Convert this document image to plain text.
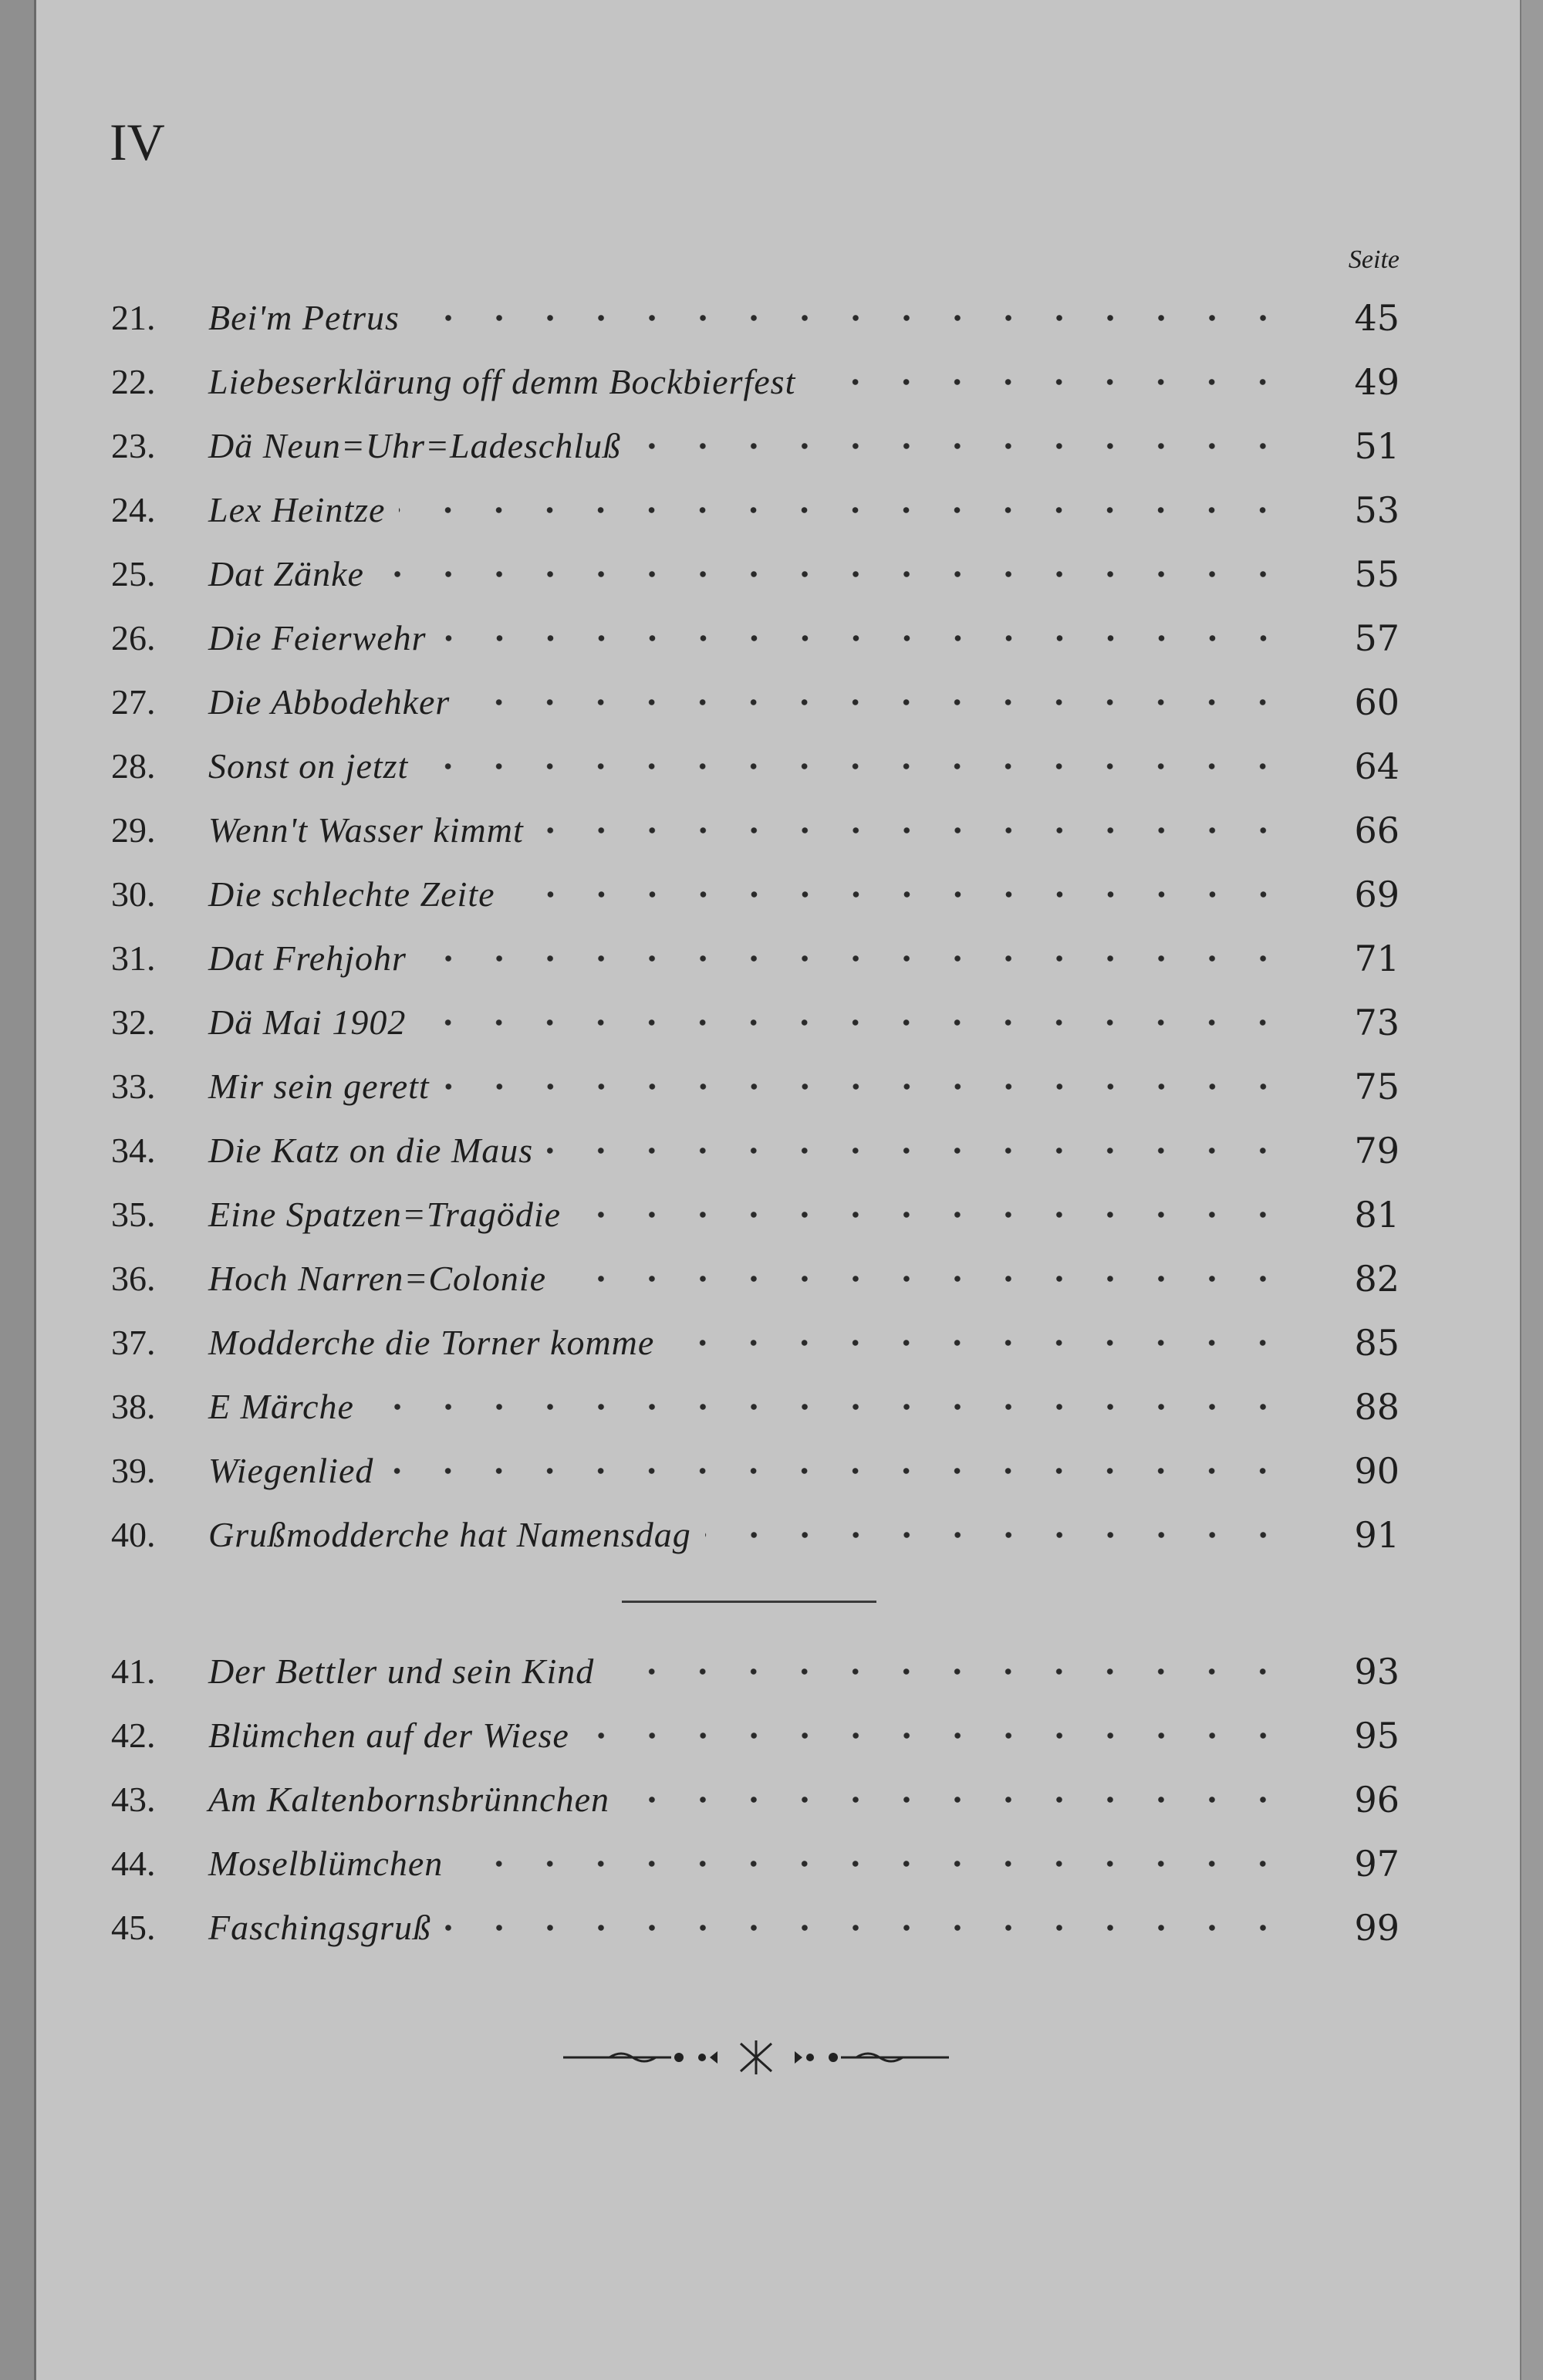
IV
Seite
21.	Bei'm Petrus	45
22.	Liebeserklärung off demm Bockbierfest	49
23.	Dä Neun=Uhr=Ladeschluß	51
24.	Lex Heintze	53
25.	Dat Zänke	55
26.	Die Feierwehr	57
27.	Die Abbodehker	60
28.	Sonst on jetzt	64
29.	Wenn't Wasser kimmt	66
30.	Die schlechte Zeite	69
31.	Dat Frehjohr	71
32.	Dä Mai 1902	73
33.	Mir sein gerett	75
34.	Die Katz on die Maus	79
35.	Eine Spatzen=Tragödie	81
36.	Hoch Narren=Colonie	82
37.	Modderche die Torner komme	85
38.	E Märche	88
39.	Wiegenlied	90
40.	Grußmodderche hat Namensdag	91
41.	Der Bettler und sein Kind	93
42.	Blümchen auf der Wiese	95
43.	Am Kaltenbornsbrünnchen	96
44.	Moselblümchen	97
45.	Faschingsgruß	99
